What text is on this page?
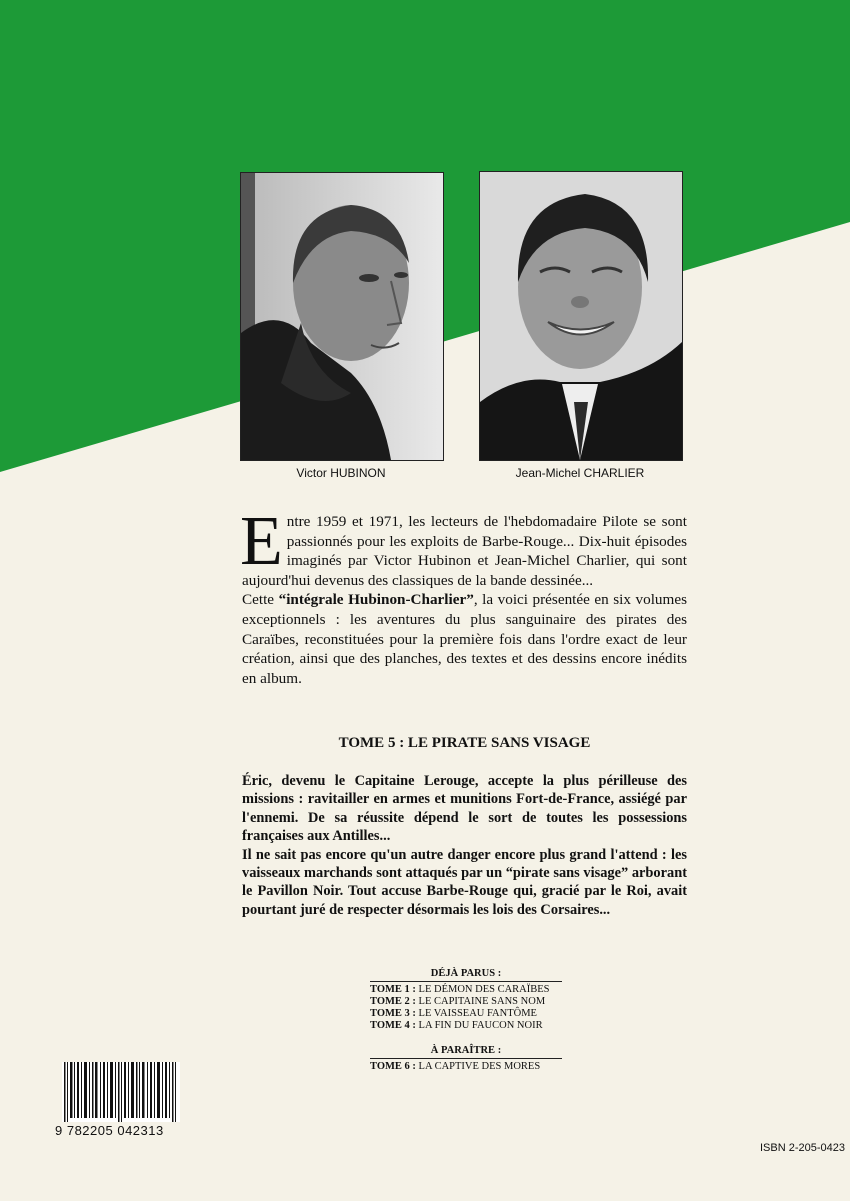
Victor HUBINON	Jean-Michel CHARLIER
Entre 1959 et 1971, les lecteurs de l'hebdomadaire Pilote se sont passionnés pour les exploits de Barbe-Rouge... Dix-huit épisodes imaginés par Victor Hubinon et Jean-Michel Charlier, qui sont aujourd'hui devenus des classiques de la bande dessinée...
Cette “intégrale Hubinon-Charlier”, la voici présentée en six volumes exceptionnels : les aventures du plus sanguinaire des pirates des Caraïbes, reconstituées pour la première fois dans l'ordre exact de leur création, ainsi que des planches, des textes et des dessins encore inédits en album.
TOME 5 : LE PIRATE SANS VISAGE

Éric, devenu le Capitaine Lerouge, accepte la plus périlleuse des missions : ravitailler en armes et munitions Fort-de-France, assiégé par l'ennemi. De sa réussite dépend le sort de toutes les possessions françaises aux Antilles...

Il ne sait pas encore qu'un autre danger encore plus grand l'attend : les vaisseaux marchands sont attaqués par un “pirate sans visage” arborant le Pavillon Noir. Tout accuse Barbe-Rouge qui, gracié par le Roi, avait pourtant juré de respecter désormais les lois des Corsaires...

DÉJÀ PARUS :
TOME 1 : LE DÉMON DES CARAÏBES
TOME 2 : LE CAPITAINE SANS NOM
TOME 3 : LE VAISSEAU FANTÔME
TOME 4 : LA FIN DU FAUCON NOIR
À PARAÎTRE :
TOME 6 : LA CAPTIVE DES MORES
9 782205 042313
ISBN 2-205-0423
